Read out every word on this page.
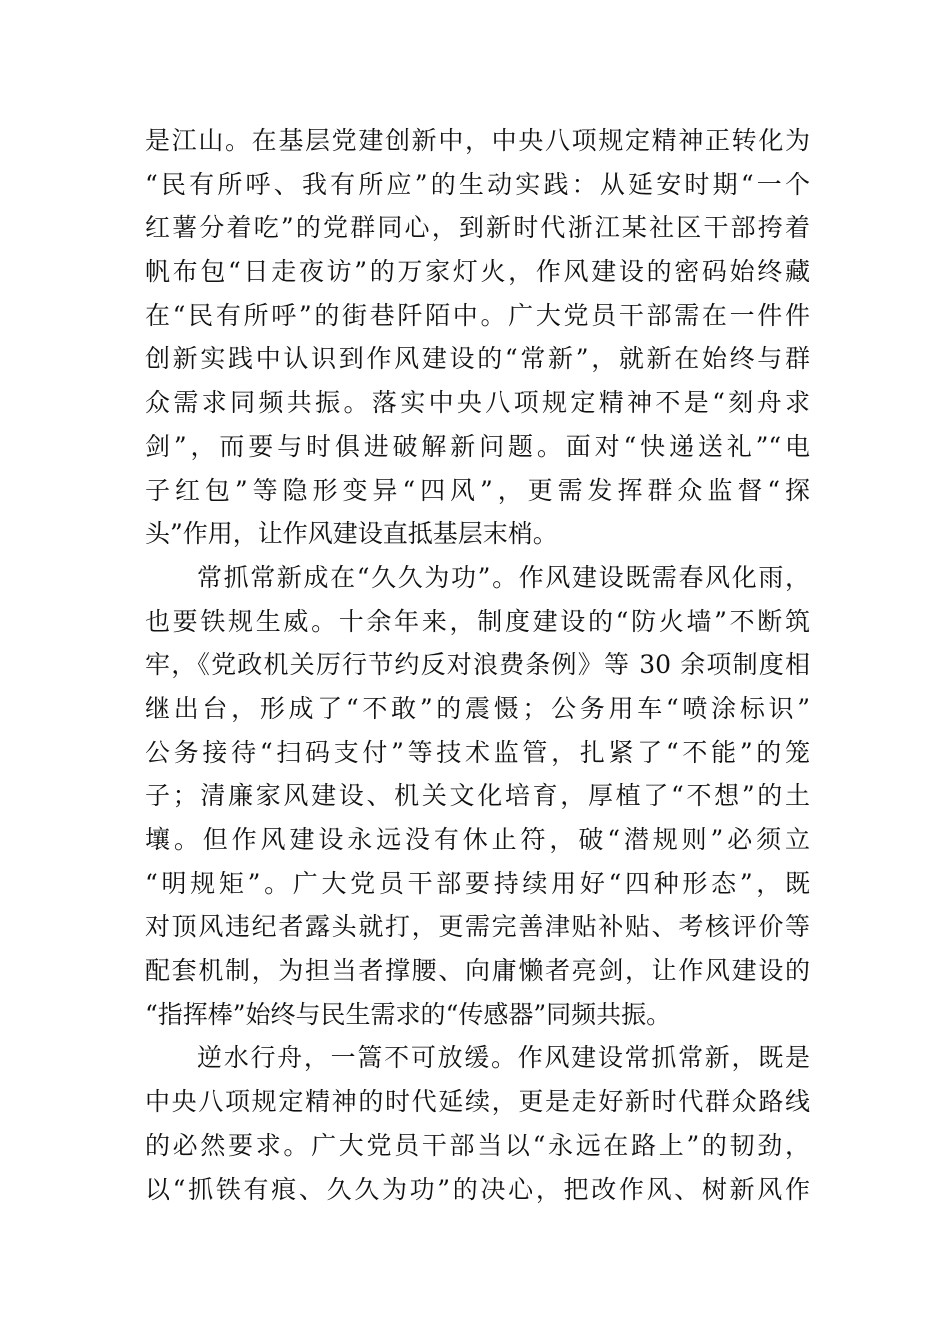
是江山。在基层党建创新中，中央八项规定精神正转化为
“民有所呼、我有所应”的生动实践：从延安时期“一个
红薯分着吃”的党群同心，到新时代浙江某社区干部挎着
帆布包“日走夜访”的万家灯火，作风建设的密码始终藏
在“民有所呼”的街巷阡陌中。广大党员干部需在一件件
创新实践中认识到作风建设的“常新”，就新在始终与群
众需求同频共振。落实中央八项规定精神不是“刻舟求
剑”，而要与时俱进破解新问题。面对“快递送礼”“电
子红包”等隐形变异“四风”，更需发挥群众监督“探
头”作用，让作风建设直抵基层末梢。
常抓常新成在“久久为功”。作风建设既需春风化雨，
也要铁规生威。十余年来，制度建设的“防火墙”不断筑
牢，《党政机关厉行节约反对浪费条例》等 30 余项制度相
继出台，形成了“不敢”的震慑；公务用车“喷涂标识”
公务接待“扫码支付”等技术监管，扎紧了“不能”的笼
子；清廉家风建设、机关文化培育，厚植了“不想”的土
壤。但作风建设永远没有休止符，破“潜规则”必须立
“明规矩”。广大党员干部要持续用好“四种形态”，既
对顶风违纪者露头就打，更需完善津贴补贴、考核评价等
配套机制，为担当者撑腰、向庸懒者亮剑，让作风建设的
“指挥棒”始终与民生需求的“传感器”同频共振。
逆水行舟，一篙不可放缓。作风建设常抓常新，既是
中央八项规定精神的时代延续，更是走好新时代群众路线
的必然要求。广大党员干部当以“永远在路上”的韧劲，
以“抓铁有痕、久久为功”的决心，把改作风、树新风作
